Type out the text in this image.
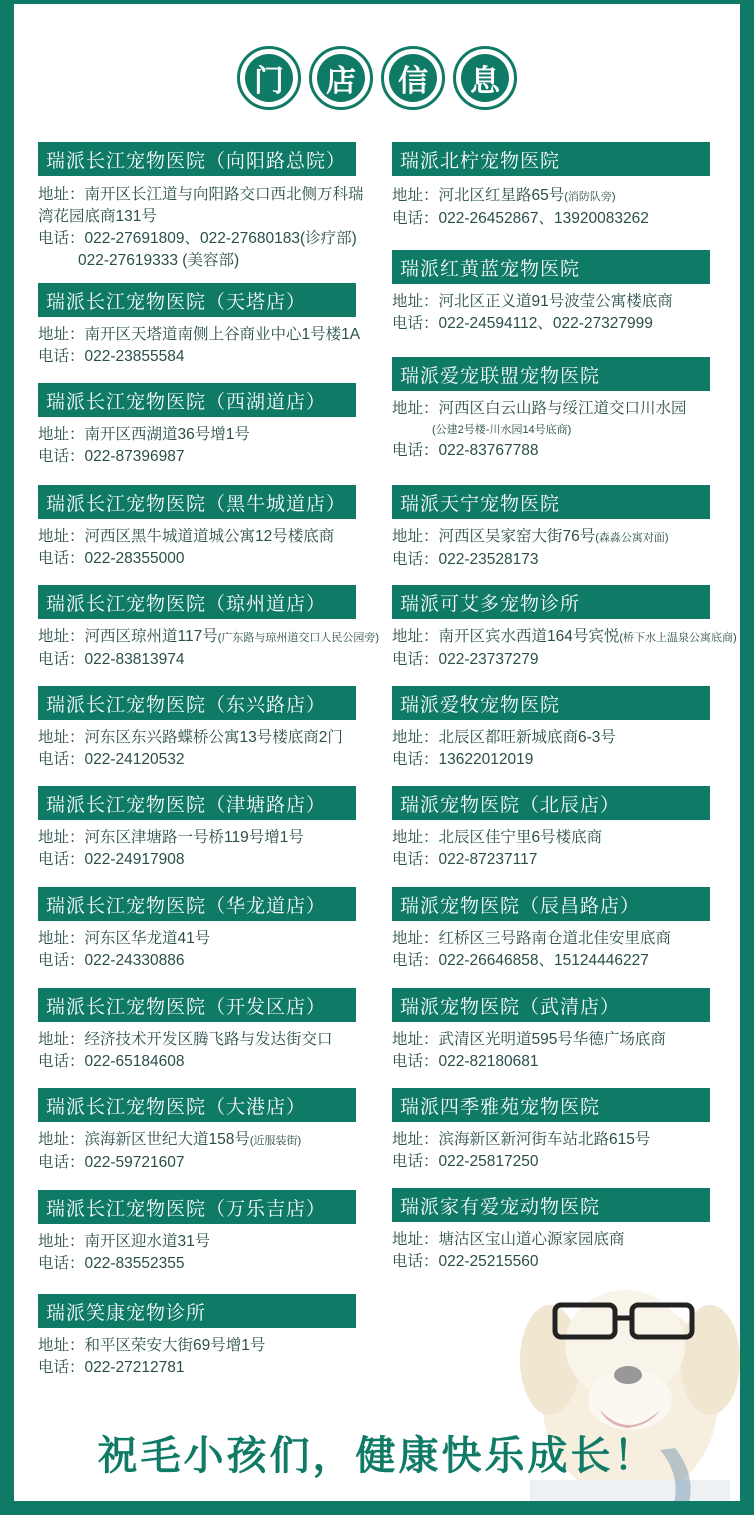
门	店	信	息
瑞派长江宠物医院（向阳路总院）
地址：南开区长江道与向阳路交口西北侧万科瑞
湾花园底商131号
电话：022-27691809、022-27680183(诊疗部)
022-27619333 (美容部)
瑞派长江宠物医院（天塔店）
地址：南开区天塔道南侧上谷商业中心1号楼1A
电话：022-23855584
瑞派长江宠物医院（西湖道店）
地址：南开区西湖道36号增1号
电话：022-87396987
瑞派长江宠物医院（黑牛城道店）
地址：河西区黑牛城道道城公寓12号楼底商
电话：022-28355000
瑞派长江宠物医院（琼州道店）
地址：河西区琼州道117号(广东路与琼州道交口人民公园旁)
电话：022-83813974
瑞派长江宠物医院（东兴路店）
地址：河东区东兴路蝶桥公寓13号楼底商2门
电话：022-24120532
瑞派长江宠物医院（津塘路店）
地址：河东区津塘路一号桥119号增1号
电话：022-24917908
瑞派长江宠物医院（华龙道店）
地址：河东区华龙道41号
电话：022-24330886
瑞派长江宠物医院（开发区店）
地址：经济技术开发区腾飞路与发达街交口
电话：022-65184608
瑞派长江宠物医院（大港店）
地址：滨海新区世纪大道158号(近服装街)
电话：022-59721607
瑞派长江宠物医院（万乐吉店）
地址：南开区迎水道31号
电话：022-83552355
瑞派笑康宠物诊所
地址：和平区荣安大街69号增1号
电话：022-27212781
瑞派北柠宠物医院
地址：河北区红星路65号(消防队旁)
电话：022-26452867、13920083262
瑞派红黄蓝宠物医院
地址：河北区正义道91号波莹公寓楼底商
电话：022-24594112、022-27327999
瑞派爱宠联盟宠物医院
地址：河西区白云山路与绥江道交口川水园
(公建2号楼-川水园14号底商)
电话：022-83767788
瑞派天宁宠物医院
地址：河西区吴家窑大街76号(森淼公寓对面)
电话：022-23528173
瑞派可艾多宠物诊所
地址：南开区宾水西道164号宾悦(桥下水上温泉公寓底商)
电话：022-23737279
瑞派爱牧宠物医院
地址：北辰区都旺新城底商6-3号
电话：13622012019
瑞派宠物医院（北辰店）
地址：北辰区佳宁里6号楼底商
电话：022-87237117
瑞派宠物医院（辰昌路店）
地址：红桥区三号路南仓道北佳安里底商
电话：022-26646858、15124446227
瑞派宠物医院（武清店）
地址：武清区光明道595号华德广场底商
电话：022-82180681
瑞派四季雅苑宠物医院
地址：滨海新区新河街车站北路615号
电话：022-25817250
瑞派家有爱宠动物医院
地址：塘沽区宝山道心源家园底商
电话：022-25215560
祝毛小孩们，健康快乐成长！
